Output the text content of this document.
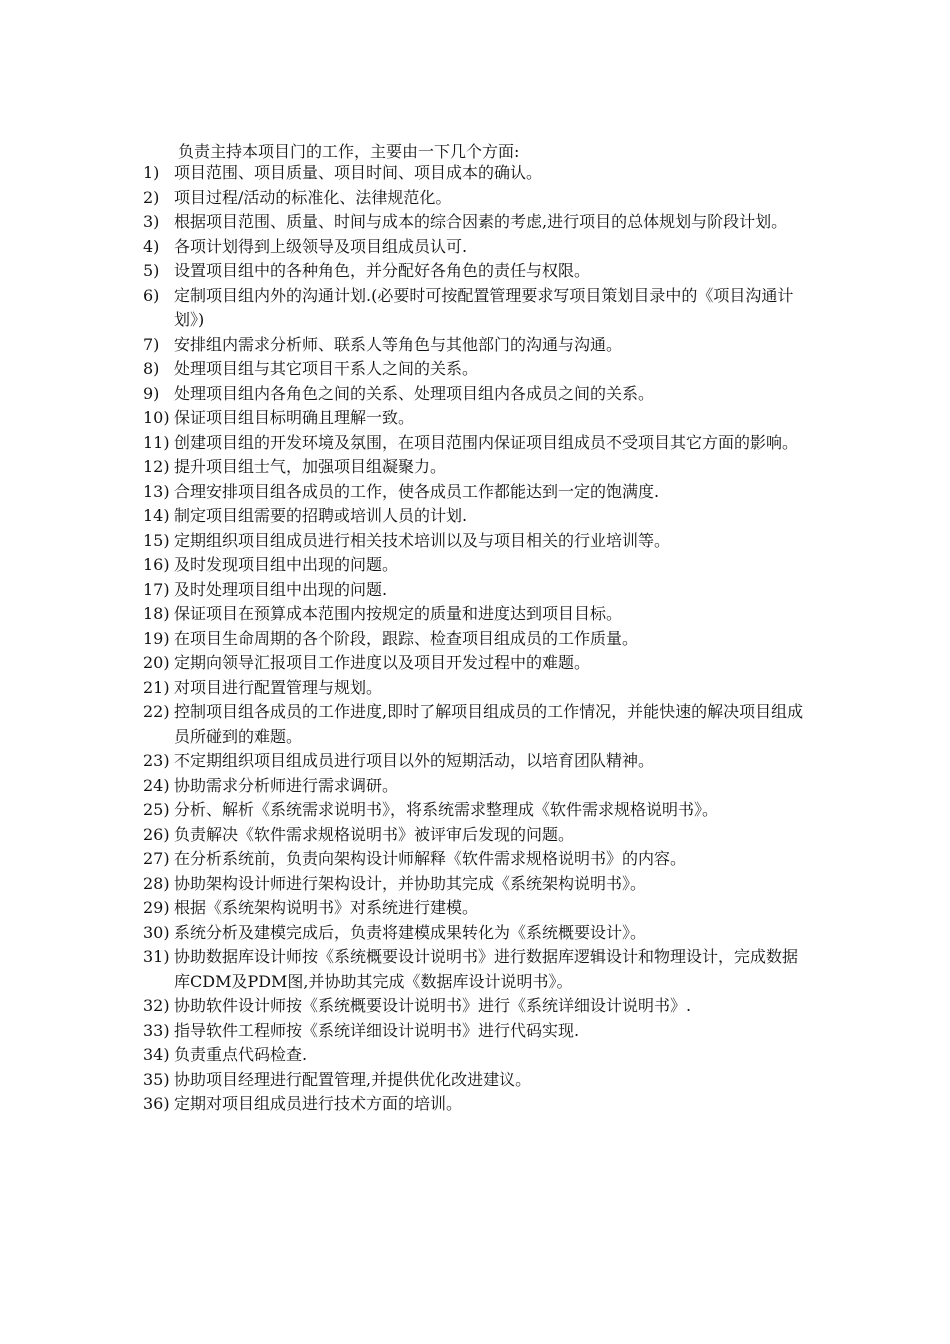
负责主持本项目门的工作，主要由一下几个方面:

1) 项目范围、项目质量、项目时间、项目成本的确认。
2) 项目过程/活动的标准化、法律规范化。
3) 根据项目范围、质量、时间与成本的综合因素的考虑,进行项目的总体规划与阶段计划。
4) 各项计划得到上级领导及项目组成员认可.
5) 设置项目组中的各种角色，并分配好各角色的责任与权限。
6) 定制项目组内外的沟通计划.(必要时可按配置管理要求写项目策划目录中的《项目沟通计划》)
7) 安排组内需求分析师、联系人等角色与其他部门的沟通与沟通。
8) 处理项目组与其它项目干系人之间的关系。
9) 处理项目组内各角色之间的关系、处理项目组内各成员之间的关系。
10) 保证项目组目标明确且理解一致。
11) 创建项目组的开发环境及氛围，在项目范围内保证项目组成员不受项目其它方面的影响。
12) 提升项目组士气，加强项目组凝聚力。
13) 合理安排项目组各成员的工作，使各成员工作都能达到一定的饱满度.
14) 制定项目组需要的招聘或培训人员的计划.
15) 定期组织项目组成员进行相关技术培训以及与项目相关的行业培训等。
16) 及时发现项目组中出现的问题。
17) 及时处理项目组中出现的问题.
18) 保证项目在预算成本范围内按规定的质量和进度达到项目目标。
19) 在项目生命周期的各个阶段，跟踪、检查项目组成员的工作质量。
20) 定期向领导汇报项目工作进度以及项目开发过程中的难题。
21) 对项目进行配置管理与规划。
22) 控制项目组各成员的工作进度,即时了解项目组成员的工作情况，并能快速的解决项目组成员所碰到的难题。
23) 不定期组织项目组成员进行项目以外的短期活动，以培育团队精神。
24) 协助需求分析师进行需求调研。
25) 分析、解析《系统需求说明书》，将系统需求整理成《软件需求规格说明书》。
26) 负责解决《软件需求规格说明书》被评审后发现的问题。
27) 在分析系统前，负责向架构设计师解释《软件需求规格说明书》的内容。
28) 协助架构设计师进行架构设计，并协助其完成《系统架构说明书》。
29) 根据《系统架构说明书》对系统进行建模。
30) 系统分析及建模完成后，负责将建模成果转化为《系统概要设计》。
31) 协助数据库设计师按《系统概要设计说明书》进行数据库逻辑设计和物理设计，完成数据库CDM及PDM图,并协助其完成《数据库设计说明书》。
32) 协助软件设计师按《系统概要设计说明书》进行《系统详细设计说明书》.
33) 指导软件工程师按《系统详细设计说明书》进行代码实现.
34) 负责重点代码检查.
35) 协助项目经理进行配置管理,并提供优化改进建议。
36) 定期对项目组成员进行技术方面的培训。
